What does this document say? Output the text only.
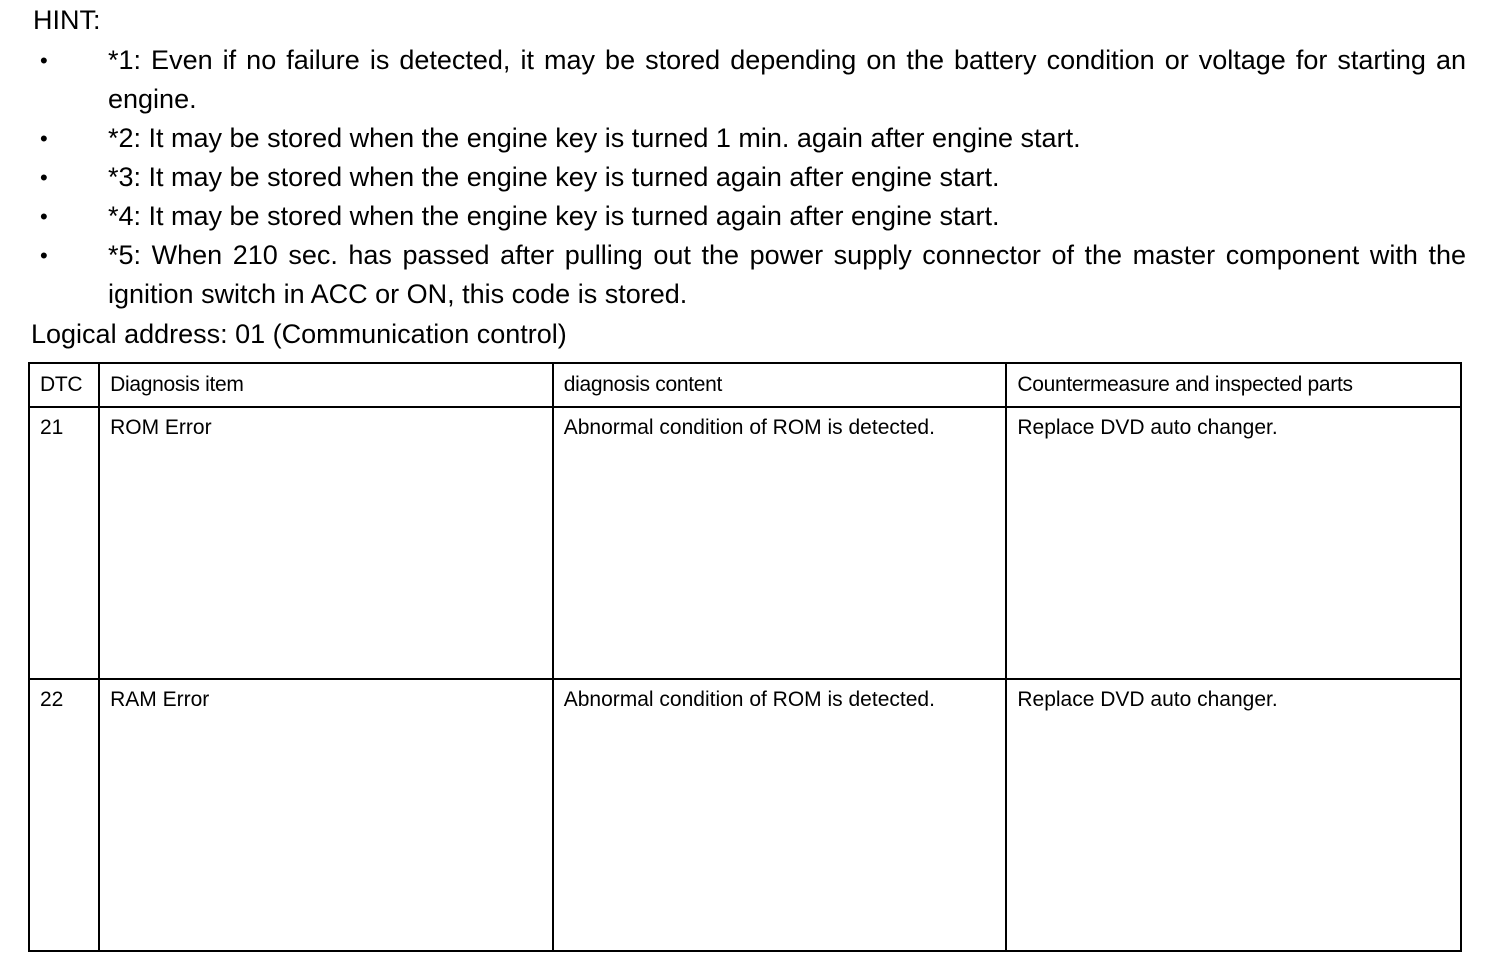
HINT:
• *1: Even if no failure is detected, it may be stored depending on the battery condition or voltage for starting an engine.
• *2: It may be stored when the engine key is turned 1 min. again after engine start.
• *3: It may be stored when the engine key is turned again after engine start.
• *4: It may be stored when the engine key is turned again after engine start.
• *5: When 210 sec. has passed after pulling out the power supply connector of the master component with the ignition switch in ACC or ON, this code is stored.

Logical address: 01 (Communication control)

DTC	Diagnosis item	diagnosis content	Countermeasure and inspected parts
21	ROM Error	Abnormal condition of ROM is detected.	Replace DVD auto changer.
22	RAM Error	Abnormal condition of ROM is detected.	Replace DVD auto changer.
